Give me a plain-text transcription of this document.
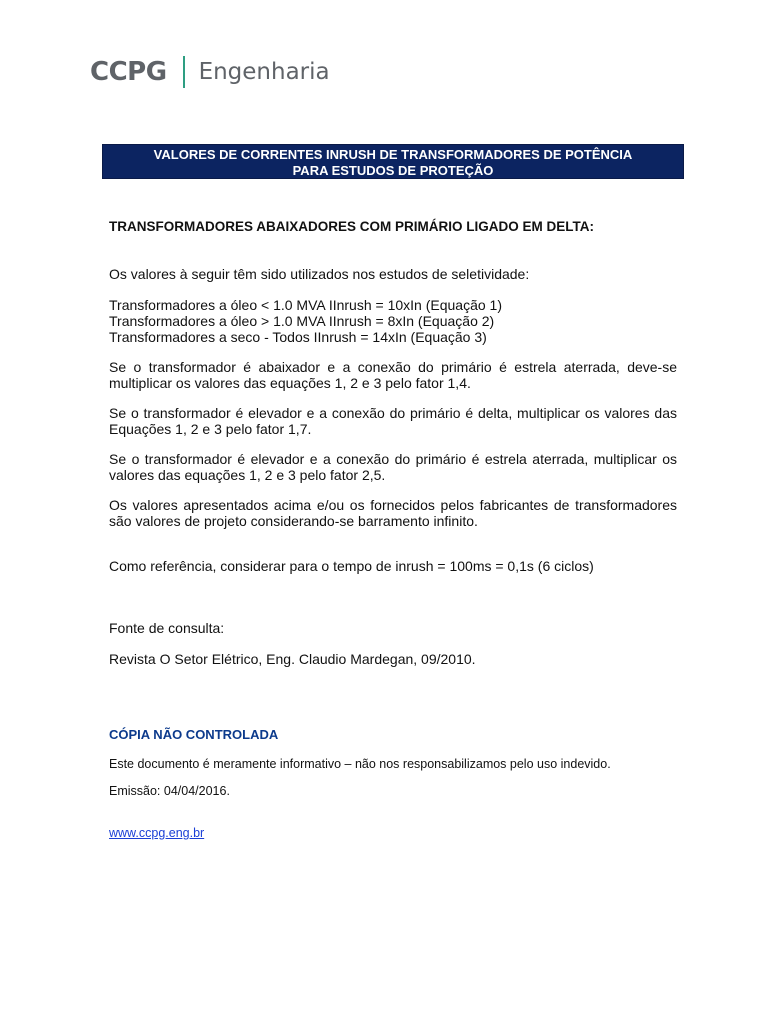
CCPG Engenharia
VALORES DE CORRENTES INRUSH DE TRANSFORMADORES DE POTÊNCIA
PARA ESTUDOS DE PROTEÇÃO
TRANSFORMADORES ABAIXADORES COM PRIMÁRIO LIGADO EM DELTA:
Os valores à seguir têm sido utilizados nos estudos de seletividade:
Transformadores a óleo < 1.0 MVA IInrush = 10xIn (Equação 1)
Transformadores a óleo > 1.0 MVA IInrush = 8xIn (Equação 2)
Transformadores a seco - Todos IInrush = 14xIn (Equação 3)
Se o transformador é abaixador e a conexão do primário é estrela aterrada, deve-se multiplicar os valores das equações 1, 2 e 3 pelo fator 1,4.
Se o transformador é elevador e a conexão do primário é delta, multiplicar os valores das Equações 1, 2 e 3 pelo fator 1,7.
Se o transformador é elevador e a conexão do primário é estrela aterrada, multiplicar os valores das equações 1, 2 e 3 pelo fator 2,5.
Os valores apresentados acima e/ou os fornecidos pelos fabricantes de transformadores são valores de projeto considerando-se barramento infinito.
Como referência, considerar para o tempo de inrush = 100ms = 0,1s (6 ciclos)
Fonte de consulta:
Revista O Setor Elétrico, Eng. Claudio Mardegan, 09/2010.
CÓPIA NÃO CONTROLADA
Este documento é meramente informativo – não nos responsabilizamos pelo uso indevido.
Emissão: 04/04/2016.
www.ccpg.eng.br
